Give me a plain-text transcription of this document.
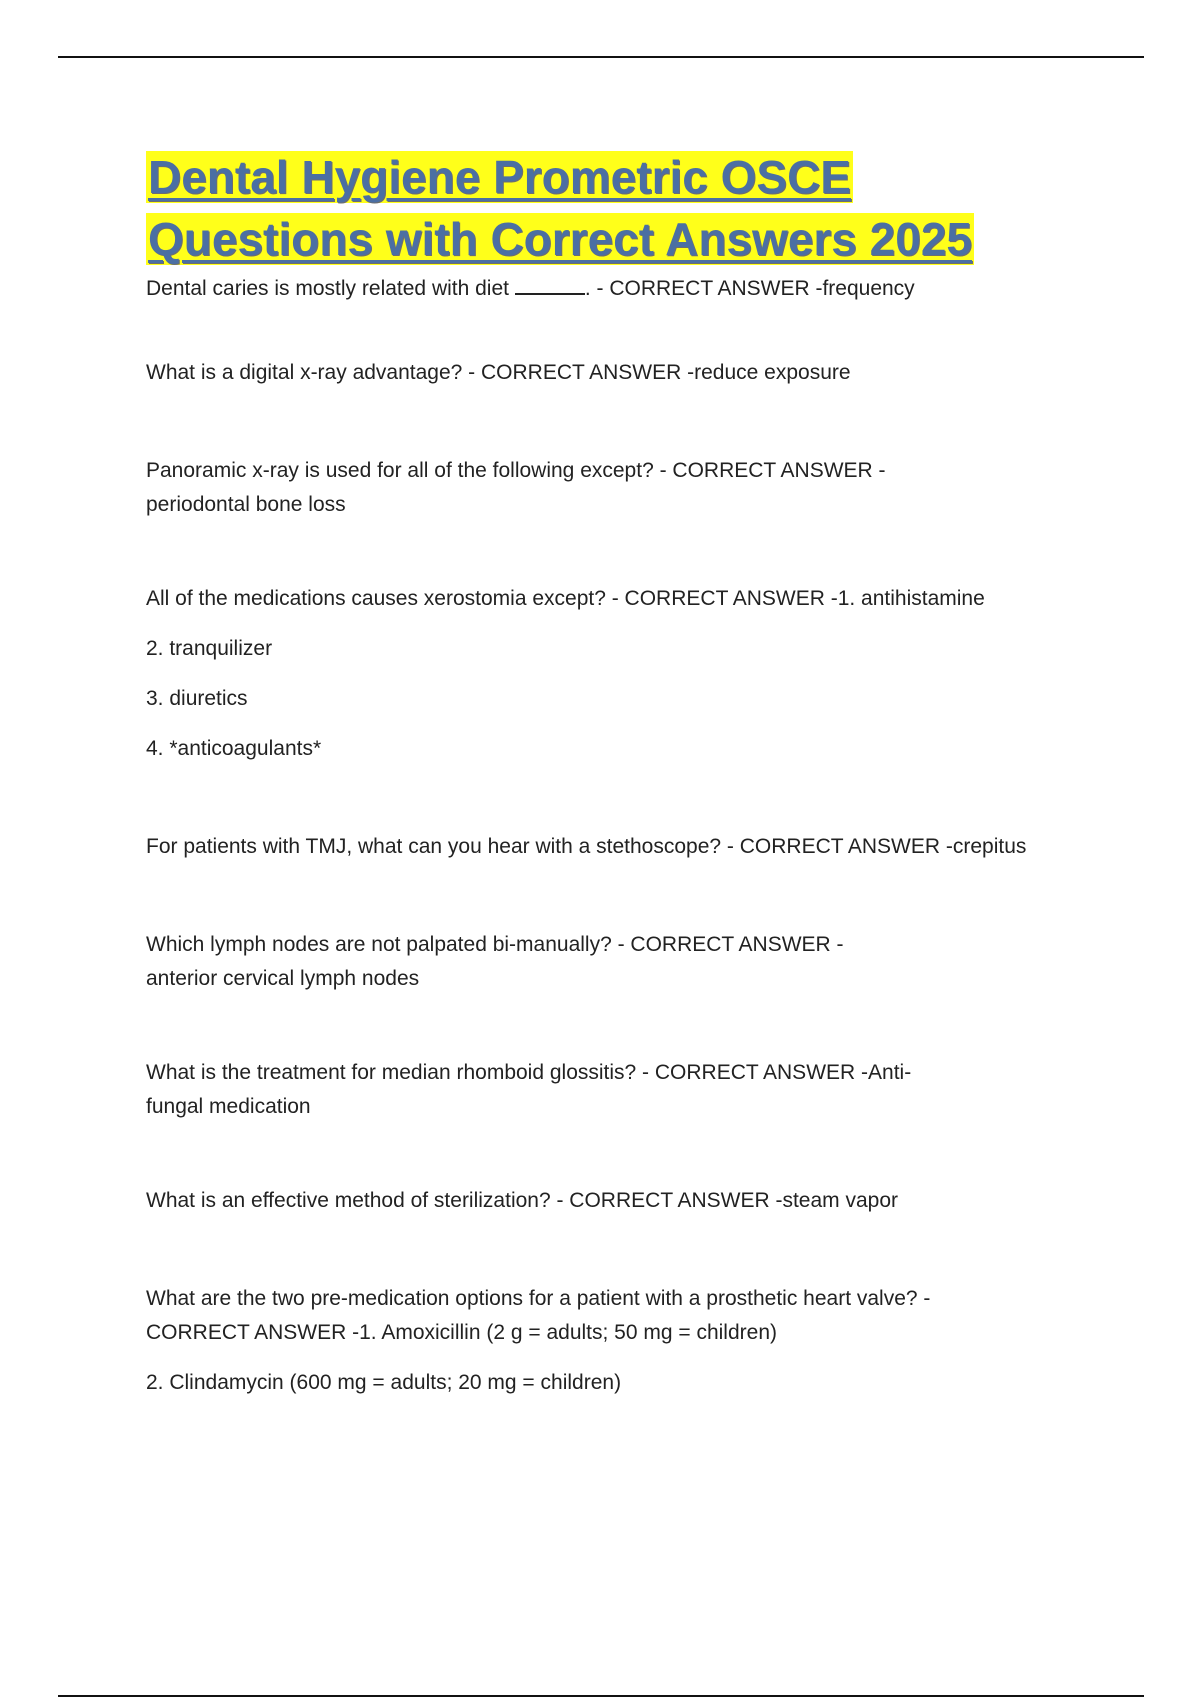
Dental Hygiene Prometric OSCE
Questions with Correct Answers 2025

Dental caries is mostly related with diet	. - CORRECT ANSWER -frequency

What is a digital x-ray advantage? - CORRECT ANSWER -reduce exposure

Panoramic x-ray is used for all of the following except? - CORRECT ANSWER -
periodontal bone loss

All of the medications causes xerostomia except? - CORRECT ANSWER -1. antihistamine
2. tranquilizer
3. diuretics
4. *anticoagulants*

For patients with TMJ, what can you hear with a stethoscope? - CORRECT ANSWER -crepitus

Which lymph nodes are not palpated bi-manually? - CORRECT ANSWER -
anterior cervical lymph nodes

What is the treatment for median rhomboid glossitis? - CORRECT ANSWER -Anti-
fungal medication

What is an effective method of sterilization? - CORRECT ANSWER -steam vapor

What are the two pre-medication options for a patient with a prosthetic heart valve? -
CORRECT ANSWER -1. Amoxicillin (2 g = adults; 50 mg = children)
2. Clindamycin (600 mg = adults; 20 mg = children)
